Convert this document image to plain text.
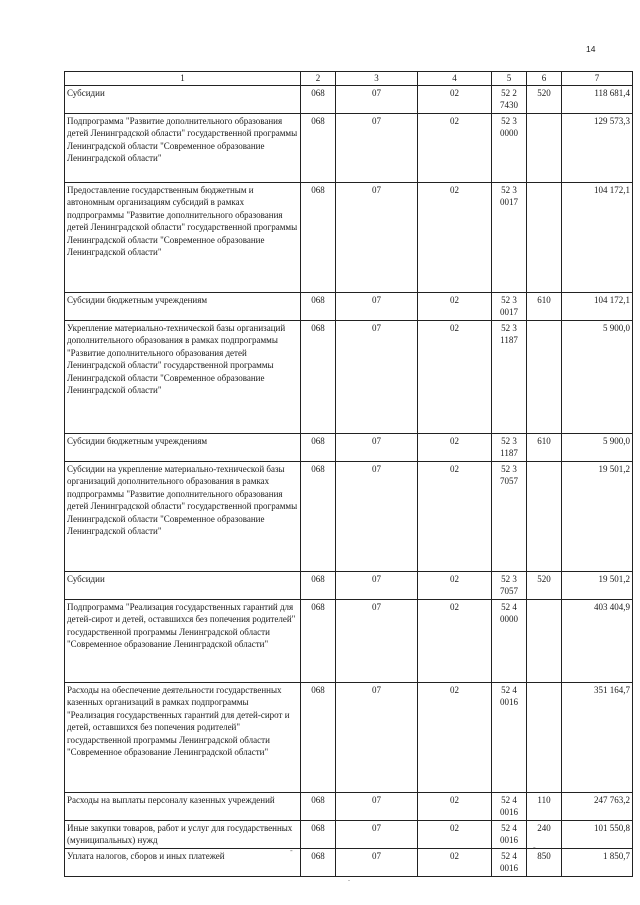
14
1	2	3	4	5	6	7
Субсидии	068	07	02	52 2 7430	520	118 681,4
Подпрограмма "Развитие дополнительного образования детей Ленинградской области" государственной программы Ленинградской области "Современное образование Ленинградской области"	068	07	02	52 3 0000		129 573,3
Предоставление государственным бюджетным и автономным организациям субсидий в рамках подпрограммы "Развитие дополнительного образования детей Ленинградской области" государственной программы Ленинградской области "Современное образование Ленинградской области"	068	07	02	52 3 0017		104 172,1
Субсидии бюджетным учреждениям	068	07	02	52 3 0017	610	104 172,1
Укрепление материально-технической базы организаций дополнительного образования в рамках подпрограммы "Развитие дополнительного образования детей Ленинградской области" государственной программы Ленинградской области "Современное образование Ленинградской области"	068	07	02	52 3 1187		5 900,0
Субсидии бюджетным учреждениям	068	07	02	52 3 1187	610	5 900,0
Субсидии на укрепление материально-технической базы организаций дополнительного образования в рамках подпрограммы "Развитие дополнительного образования детей Ленинградской области" государственной программы Ленинградской области "Современное образование Ленинградской области"	068	07	02	52 3 7057		19 501,2
Субсидии	068	07	02	52 3 7057	520	19 501,2
Подпрограмма "Реализация государственных гарантий для детей-сирот и детей, оставшихся без попечения родителей" государственной программы Ленинградской области "Современное образование Ленинградской области"	068	07	02	52 4 0000		403 404,9
Расходы на обеспечение деятельности государственных казенных организаций в рамках подпрограммы "Реализация государственных гарантий для детей-сирот и детей, оставшихся без попечения родителей" государственной программы Ленинградской области "Современное образование Ленинградской области"	068	07	02	52 4 0016		351 164,7
Расходы на выплаты персоналу казенных учреждений	068	07	02	52 4 0016	110	247 763,2
Иные закупки товаров, работ и услуг для государственных (муниципальных) нужд	068	07	02	52 4 0016	240	101 550,8
Уплата налогов, сборов и иных платежей	068	07	02	52 4 0016	850	1 850,7
-	-
.
